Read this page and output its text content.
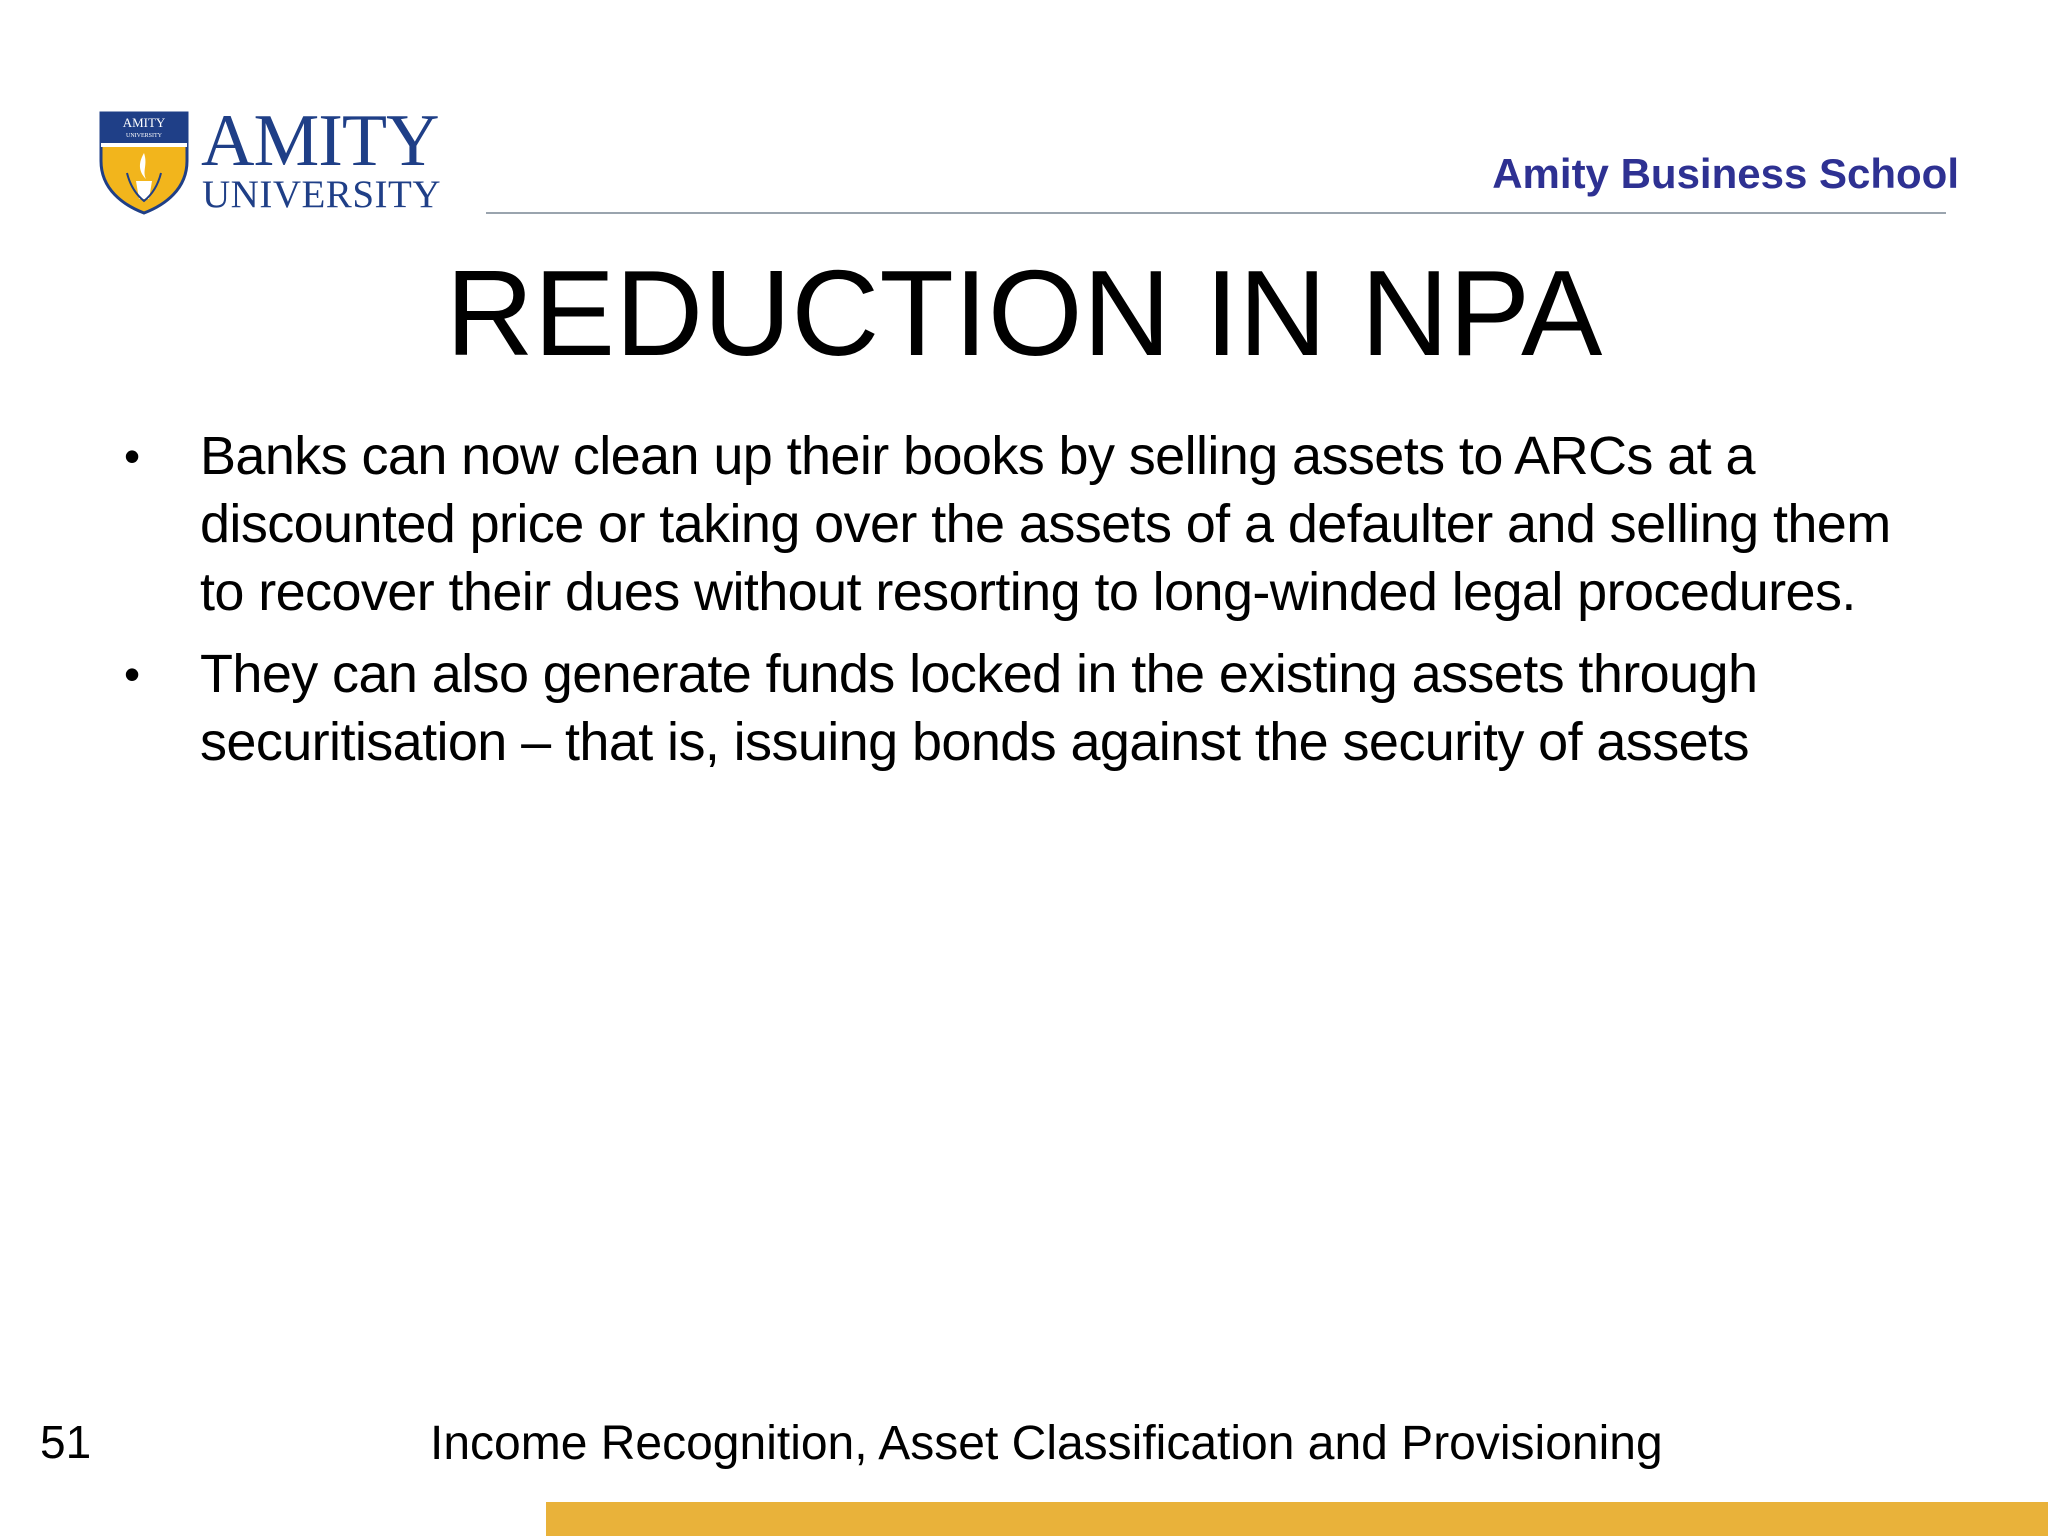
AMITY
UNIVERSITY AMITY
UNIVERSITY	Amity Business School
REDUCTION IN NPA
• Banks can now clean up their books by selling assets to ARCs at a discounted price or taking over the assets of a defaulter and selling them to recover their dues without resorting to long-winded legal procedures.
• They can also generate funds locked in the existing assets through securitisation – that is, issuing bonds against the security of assets
51	Income Recognition, Asset Classification and Provisioning
